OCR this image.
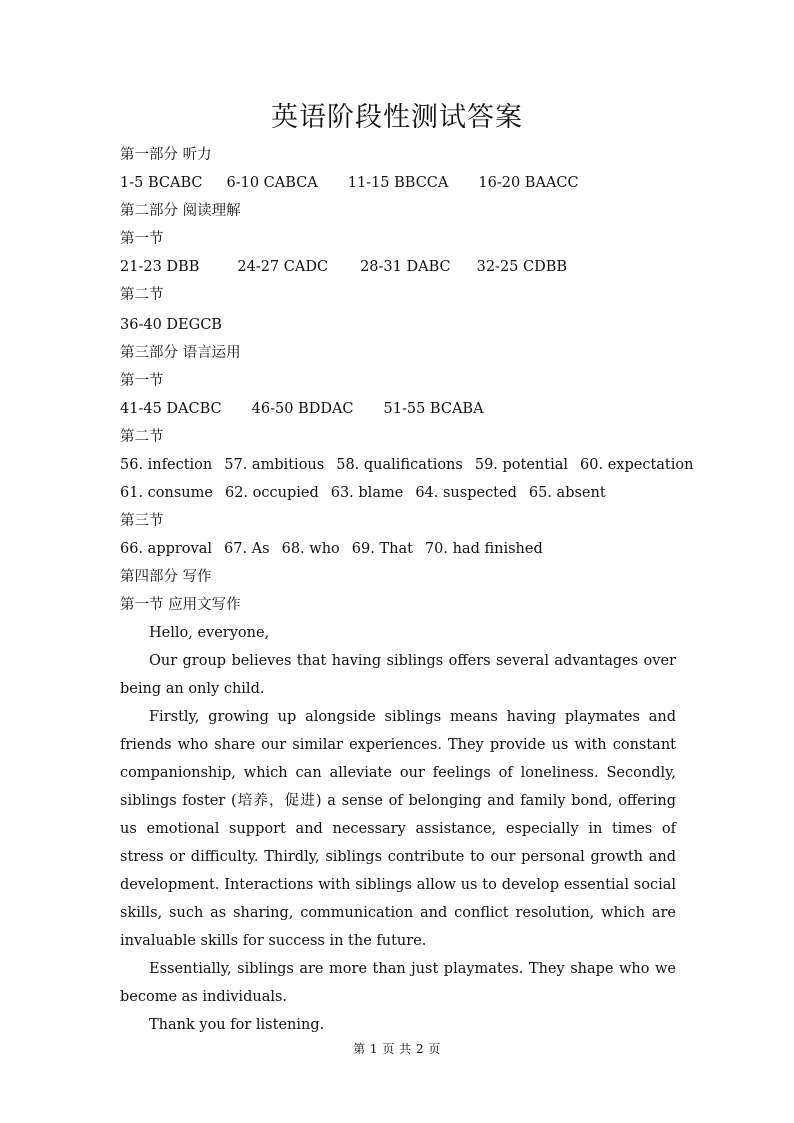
英语阶段性测试答案
第一部分 听力
1-5 BCABC 6-10 CABCA 11-15 BBCCA 16-20 BAACC
第二部分 阅读理解
第一节
21-23 DBB	24-27 CADC 28-31 DABC 32-25 CDBB
第二节
36-40 DEGCB
第三部分 语言运用
第一节
41-45 DACBC 46-50 BDDAC 51-55 BCABA
第二节
56. infection 57. ambitious 58. qualifications 59. potential 60. expectation
61. consume 62. occupied 63. blame 64. suspected 65. absent
第三节
66. approval 67. As 68. who 69. That 70. had finished
第四部分 写作
第一节 应用文写作

Hello, everyone,

Our group believes that having siblings offers several advantages over being an only child.

Firstly, growing up alongside siblings means having playmates and friends who share our similar experiences. They provide us with constant companionship, which can alleviate our feelings of loneliness. Secondly, siblings foster (培养，促进) a sense of belonging and family bond, offering us emotional support and necessary assistance, especially in times of stress or difficulty. Thirdly, siblings contribute to our personal growth and development. Interactions with siblings allow us to develop essential social skills, such as sharing, communication and conflict resolution, which are invaluable skills for success in the future.

Essentially, siblings are more than just playmates. They shape who we become as individuals.

Thank you for listening.

第 1 页 共 2 页
